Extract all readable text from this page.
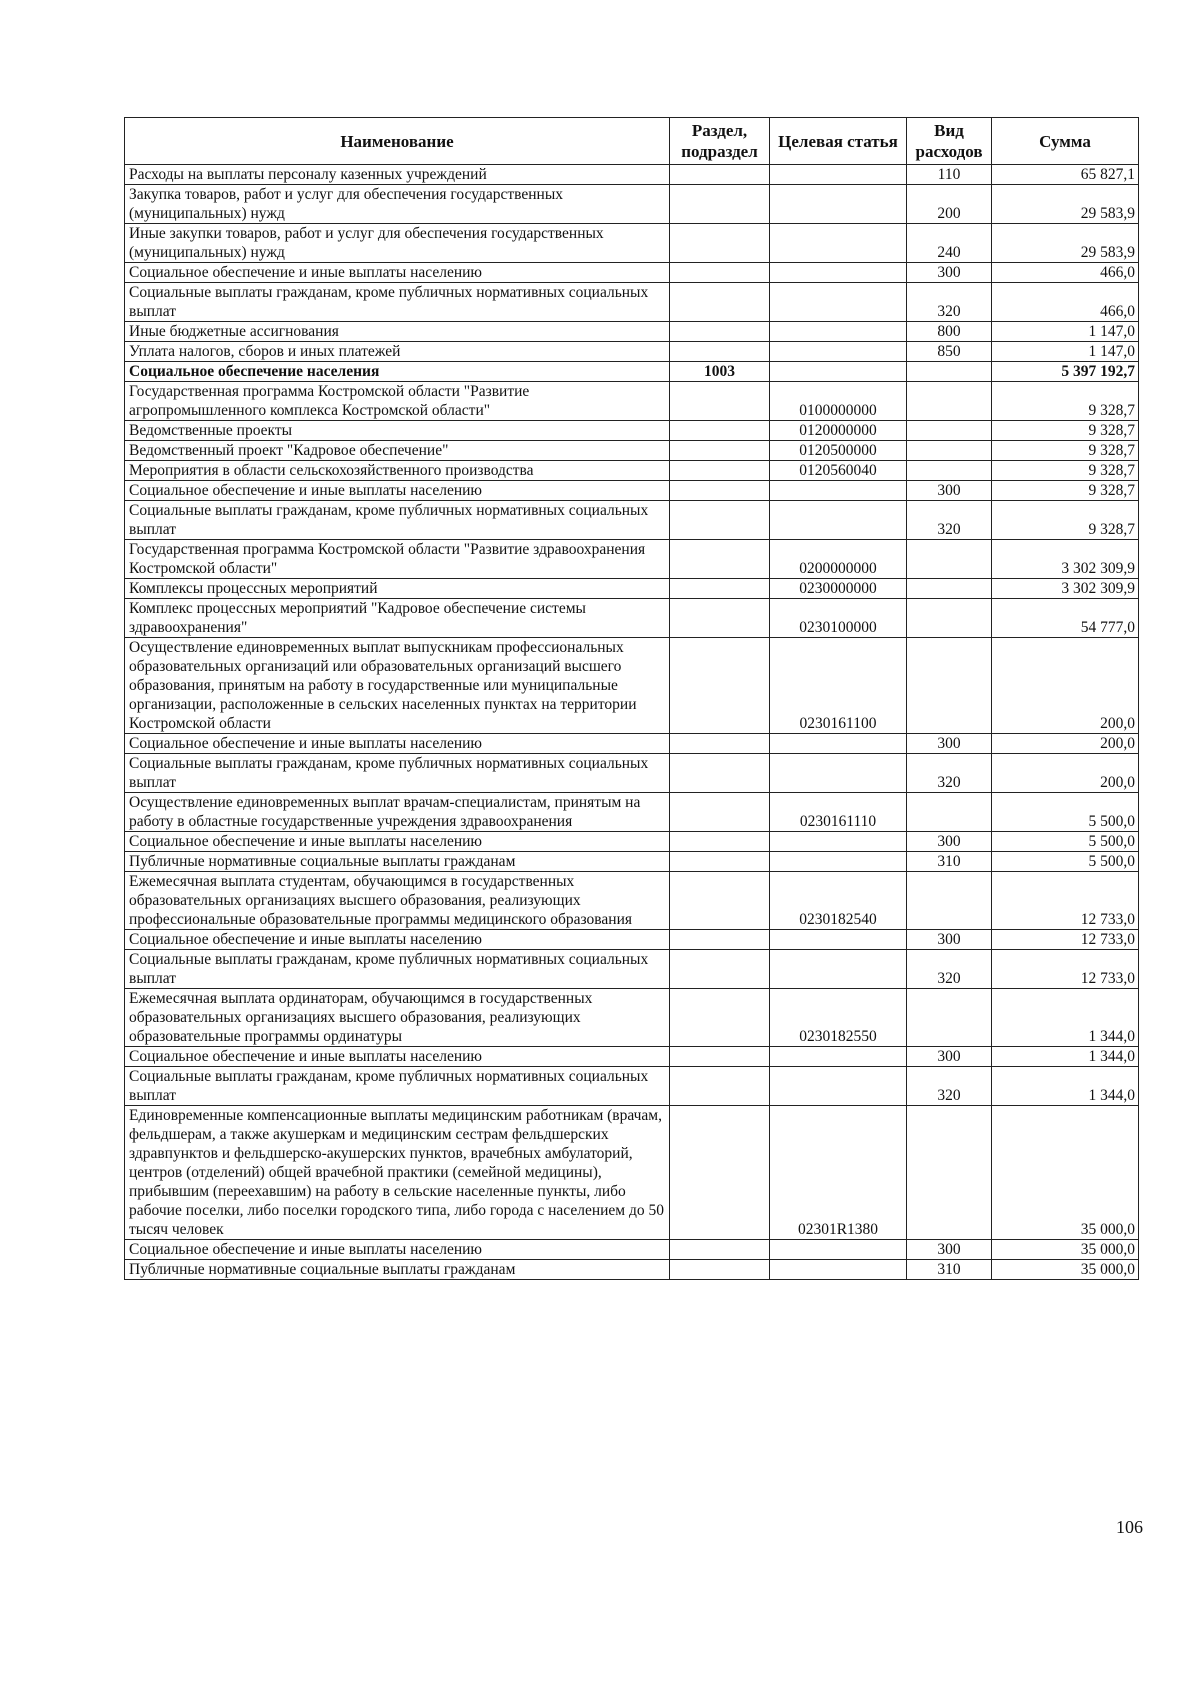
Наименование	Раздел, подраздел	Целевая статья	Вид расходов	Сумма
Расходы на выплаты персоналу казенных учреждений			110	65 827,1
Закупка товаров, работ и услуг для обеспечения государственных (муниципальных) нужд			200	29 583,9
Иные закупки товаров, работ и услуг для обеспечения государственных (муниципальных) нужд			240	29 583,9
Социальное обеспечение и иные выплаты населению			300	466,0
Социальные выплаты гражданам, кроме публичных нормативных социальных выплат			320	466,0
Иные бюджетные ассигнования			800	1 147,0
Уплата налогов, сборов и иных платежей			850	1 147,0
Социальное обеспечение населения	1003			5 397 192,7
Государственная программа Костромской области "Развитие агропромышленного комплекса Костромской области"		0100000000		9 328,7
Ведомственные проекты		0120000000		9 328,7
Ведомственный проект "Кадровое обеспечение"		0120500000		9 328,7
Мероприятия в области сельскохозяйственного производства		0120560040		9 328,7
Социальное обеспечение и иные выплаты населению			300	9 328,7
Социальные выплаты гражданам, кроме публичных нормативных социальных выплат			320	9 328,7
Государственная программа Костромской области "Развитие здравоохранения Костромской области"		0200000000		3 302 309,9
Комплексы процессных мероприятий		0230000000		3 302 309,9
Комплекс процессных мероприятий "Кадровое обеспечение системы здравоохранения"		0230100000		54 777,0
Осуществление единовременных выплат выпускникам профессиональных образовательных организаций или образовательных организаций высшего образования, принятым на работу в государственные или муниципальные организации, расположенные в сельских населенных пунктах на территории Костромской области		0230161100		200,0
Социальное обеспечение и иные выплаты населению			300	200,0
Социальные выплаты гражданам, кроме публичных нормативных социальных выплат			320	200,0
Осуществление единовременных выплат врачам-специалистам, принятым на работу в областные государственные учреждения здравоохранения		0230161110		5 500,0
Социальное обеспечение и иные выплаты населению			300	5 500,0
Публичные нормативные социальные выплаты гражданам			310	5 500,0
Ежемесячная выплата студентам, обучающимся в государственных образовательных организациях высшего образования, реализующих профессиональные образовательные программы медицинского образования		0230182540		12 733,0
Социальное обеспечение и иные выплаты населению			300	12 733,0
Социальные выплаты гражданам, кроме публичных нормативных социальных выплат			320	12 733,0
Ежемесячная выплата ординаторам, обучающимся в государственных образовательных организациях высшего образования, реализующих образовательные программы ординатуры		0230182550		1 344,0
Социальное обеспечение и иные выплаты населению			300	1 344,0
Социальные выплаты гражданам, кроме публичных нормативных социальных выплат			320	1 344,0
Единовременные компенсационные выплаты медицинским работникам (врачам, фельдшерам, а также акушеркам и медицинским сестрам фельдшерских здравпунктов и фельдшерско-акушерских пунктов, врачебных амбулаторий, центров (отделений) общей врачебной практики (семейной медицины), прибывшим (переехавшим) на работу в сельские населенные пункты, либо рабочие поселки, либо поселки городского типа, либо города с населением до 50 тысяч человек		02301R1380		35 000,0
Социальное обеспечение и иные выплаты населению			300	35 000,0
Публичные нормативные социальные выплаты гражданам			310	35 000,0
106
